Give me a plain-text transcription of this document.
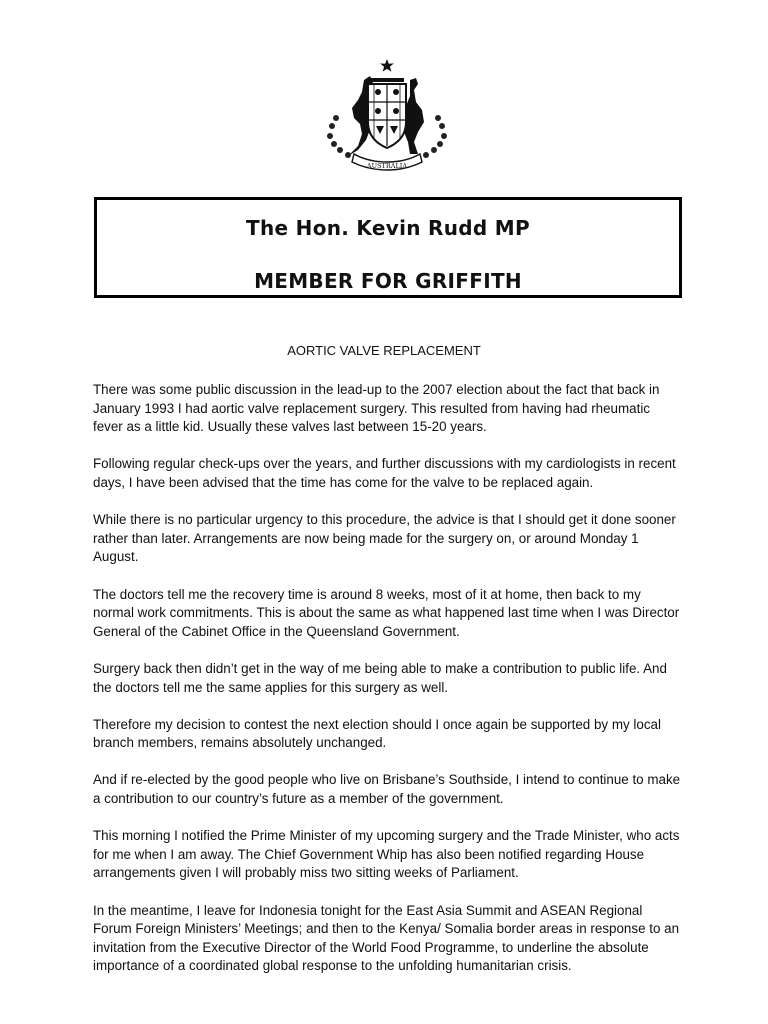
AUSTRALIA
The Hon. Kevin Rudd MP
MEMBER FOR GRIFFITH
AORTIC VALVE REPLACEMENT

There was some public discussion in the lead-up to the 2007 election about the fact that back in January 1993 I had aortic valve replacement surgery. This resulted from having had rheumatic fever as a little kid. Usually these valves last between 15-20 years.

Following regular check-ups over the years, and further discussions with my cardiologists in recent days, I have been advised that the time has come for the valve to be replaced again.

While there is no particular urgency to this procedure, the advice is that I should get it done sooner rather than later. Arrangements are now being made for the surgery on, or around Monday 1 August.

The doctors tell me the recovery time is around 8 weeks, most of it at home, then back to my normal work commitments. This is about the same as what happened last time when I was Director General of the Cabinet Office in the Queensland Government.

Surgery back then didn’t get in the way of me being able to make a contribution to public life. And the doctors tell me the same applies for this surgery as well.

Therefore my decision to contest the next election should I once again be supported by my local branch members, remains absolutely unchanged.

And if re-elected by the good people who live on Brisbane’s Southside, I intend to continue to make a contribution to our country’s future as a member of the government.

This morning I notified the Prime Minister of my upcoming surgery and the Trade Minister, who acts for me when I am away. The Chief Government Whip has also been notified regarding House arrangements given I will probably miss two sitting weeks of Parliament.

In the meantime, I leave for Indonesia tonight for the East Asia Summit and ASEAN Regional Forum Foreign Ministers’ Meetings; and then to the Kenya/ Somalia border areas in response to an invitation from the Executive Director of the World Food Programme, to underline the absolute importance of a coordinated global response to the unfolding humanitarian crisis.
